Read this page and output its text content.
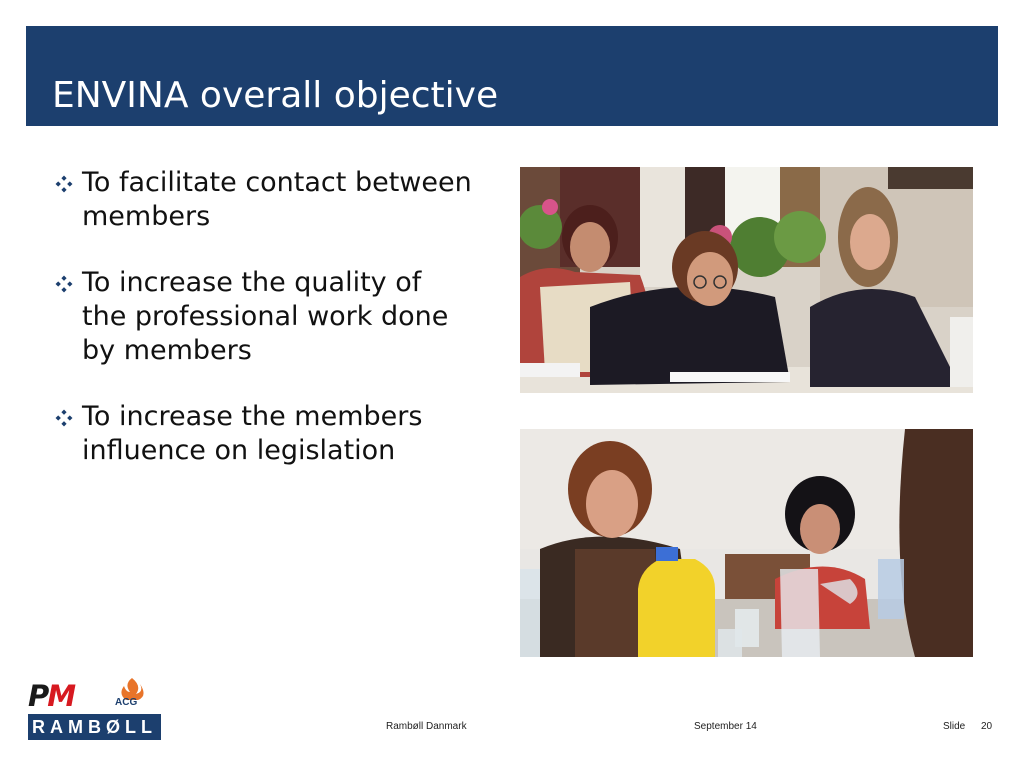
ENVINA overall objective
To facilitate contact between
members
To increase the quality of
the professional work done
by members
To increase the members
influence on legislation
PM	ACG
RAMBØLL	Rambøll Danmark	September 14	Slide 20
